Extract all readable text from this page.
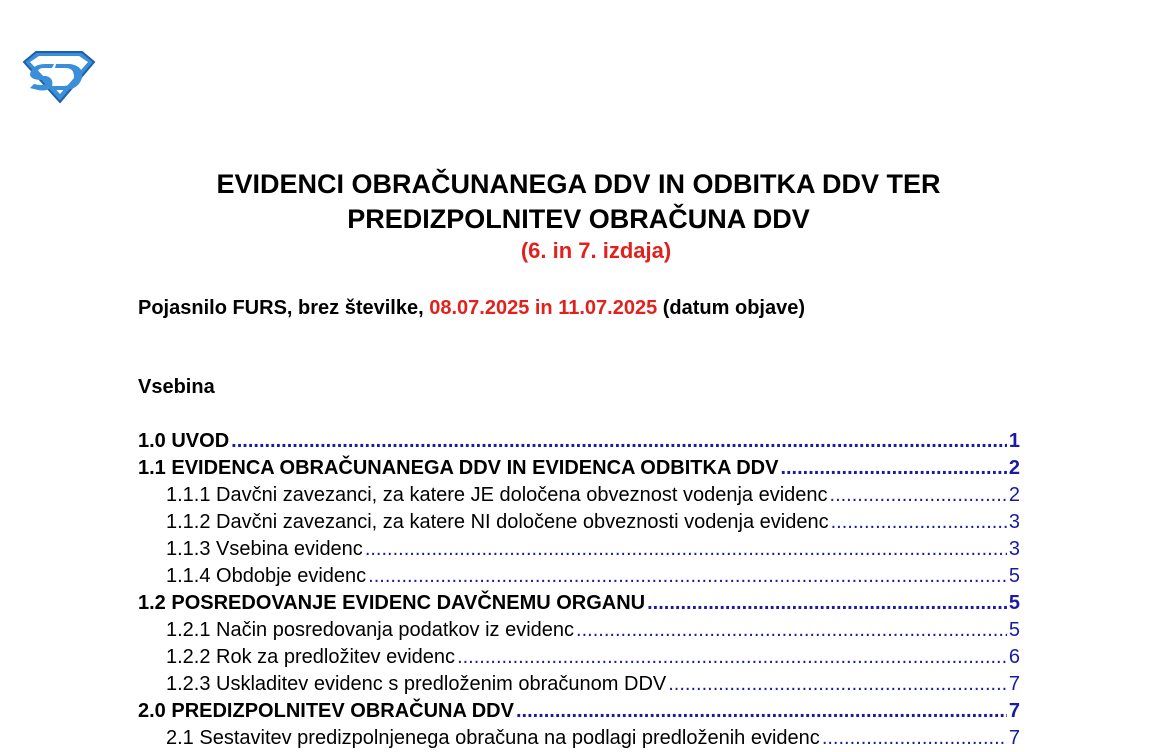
EVIDENCI OBRAČUNANEGA DDV IN ODBITKA DDV TER
PREDIZPOLNITEV OBRAČUNA DDV
(6. in 7. izdaja)
Pojasnilo FURS, brez številke, 08.07.2025 in 11.07.2025 (datum objave)
Vsebina
1.0 UVOD .....	1
1.1 EVIDENCA OBRAČUNANEGA DDV IN EVIDENCA ODBITKA DDV .....	2
1.1.1 Davčni zavezanci, za katere JE določena obveznost vodenja evidenc .....	2
1.1.2 Davčni zavezanci, za katere NI določene obveznosti vodenja evidenc .....	3
1.1.3 Vsebina evidenc .....	3
1.1.4 Obdobje evidenc .....	5
1.2 POSREDOVANJE EVIDENC DAVČNEMU ORGANU .....	5
1.2.1 Način posredovanja podatkov iz evidenc .....	5
1.2.2 Rok za predložitev evidenc .....	6
1.2.3 Uskladitev evidenc s predloženim obračunom DDV .....	7
2.0 PREDIZPOLNITEV OBRAČUNA DDV .....	7
2.1 Sestavitev predizpolnjenega obračuna na podlagi predloženih evidenc .....	7
